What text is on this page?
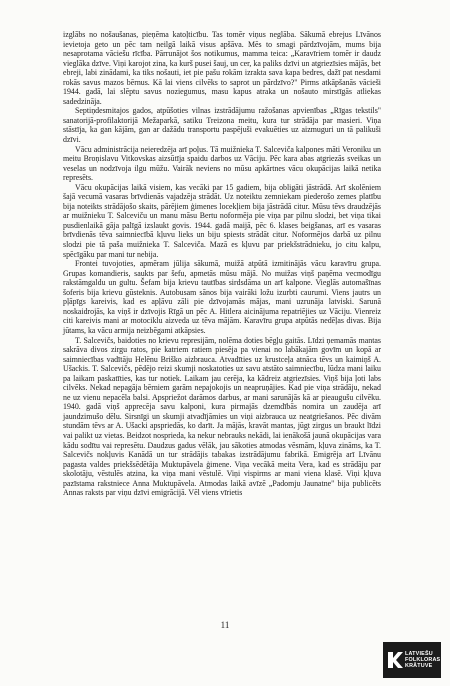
izglābs no nošaušanas, pieņēma katoļticību. Tas tomēr viņus neglāba. Sākumā ebrejus Līvānos ievietoja geto un pēc tam neilgā laikā visus apšāva. Mēs to smagi pārdzīvojām, mums bija nesaprotama vāciešu rīcība. Pārrunājot šos notikumus, mamma teica: „Karavīriem tomēr ir daudz vieglāka dzīve. Viņi karojot zina, ka kurš pusei šauj, un cer, ka paliks dzīvi un atgriezīsies mājās, bet ebreji, labi zinādami, ka tiks nošauti, iet pie pašu rokām izrakta sava kapa bedres, dažī pat nesdami rokās savus mazos bērnus. Kā lai viens cilvēks to saprot un pārdzīvo?" Pirms atkāpšanās vācieši 1944. gadā, lai slēptu savus noziegumus, masu kapus atraka un nošauto mirstīgās atliekas sadedzināja.

Septiņdesmitajos gados, atpūšoties vilnas izstrādājumu ražošanas apvienības „Rīgas tekstils" sanatorijā-profilaktorijā Mežaparkā, satiku Treizona meitu, kura tur strādāja par masieri. Viņa stāstīja, ka gan kājām, gan ar dažādu transportu paspējuši evakuēties uz aizmuguri un tā palikuši dzīvi.

Vācu administrācija neieredzēja arī poļus. Tā muižnieka T. Salceviča kalpones māti Veroniku un meitu Broņislavu Vitkovskas aizsūtīja spaidu darbos uz Vāciju. Pēc kara abas atgriezās sveikas un veselas un nodzīvoja ilgu mūžu. Vairāk neviens no mūsu apkārtnes vācu okupācijas laikā netika represēts.

Vācu okupācijas laikā visiem, kas vecāki par 15 gadiem, bija obligāti jāstrādā. Arī skolēniem šajā vecumā vasaras brīvdienās vajadzēja strādāt. Uz noteiktu zemniekam piederošo zemes platību bija noteikts strādājošo skaits, pārējiem ģimenes locekļiem bija jāstrādā citur. Mūsu tēvs draudzējās ar muižnieku T. Salceviču un manu māsu Bertu noformēja pie viņa par pilnu slodzi, bet viņa tikai pusdienlaikā gāja palīgā izslaukt govis. 1944. gadā maijā, pēc 6. klases beigšanas, arī es vasaras brīvdienās tēva saimniecībā kļuvu lieks un biju spiests strādāt citur. Noformējos darbā uz pilnu slodzi pie tā paša muižnieka T. Salceviča. Mazā es kļuvu par priekšstrādnieku, jo citu kalpu, spēcīgāku par mani tur nebija.

Frontei tuvojoties, apmēram jūlija sākumā, muižā atpūtā izmitinājās vācu karavīru grupa. Grupas komandieris, saukts par šefu, apmetās mūsu mājā. No muižas viņš paņēma vecmodīgu rakstāmgaldu un gultu. Šefam bija krievu tautības sirdsdāma un arī kalpone. Vieglās automašīnas šoferis bija krievu gūsteknis. Autobusam sānos bija vairāki ložu izurbti caurumi. Viens jautrs un pļāpīgs kareivis, kad es apļāvu zāli pie dzīvojamās mājas, mani uzrunāja latviski. Sarunā noskaidrojās, ka viņš ir dzīvojis Rīgā un pēc A. Hitlera aicinājuma repatriējies uz Vāciju. Vienreiz citi kareivis mani ar motociklu aizveda uz tēva mājām. Karavīru grupa atpūtās nedēļas divas. Bija jūtams, ka vācu armija neizbēgami atkāpsies.

T. Salcevičs, baidoties no krievu represijām, nolēma doties bēgļu gaitās. Līdzi ņemamās mantas sakrāva divos zirgu ratos, pie katriem ratiem piesēja pa vienai no labākajām govīm un kopā ar saimniecības vadītāju Helēnu Briško aizbrauca. Atvadīties uz krustceļa atnāca tēvs un kaimiņš A. Ušackis. T. Salcevičs, pēdējo reizi skumji noskatoties uz savu atstāto saimniecību, lūdza mani laiku pa laikam paskatīties, kas tur notiek. Laikam jau cerēja, ka kādreiz atgriezīsies. Viņš bija ļoti labs cilvēks. Nekad nepagāja bērniem garām nepajokojis un neapruņājies. Kad pie viņa strādāju, nekad ne uz vienu nepacēla balsi. Apspriežot darāmos darbus, ar mani sarunājās kā ar pieaugušu cilvēku. 1940. gadā viņš apprecēja savu kalponi, kura pirmajās dzemdībās nomira un zaudēja arī jaundzimušo dēlu. Sirsnīgi un skumji atvadījāmies un viņi aizbrauca uz neatgriešanos. Pēc divām stundām tēvs ar A. Ušacki apspriedās, ko darīt. Ja mājās, kravāt mantas, jūgt zirgus un braukt līdzi vai palikt uz vietas. Beidzot nospriedа, ka nekur nebrauks nekādi, lai ienākošā jaunā okupācijas vara kādu sodītu vai represētu. Daudzus gadus vēlāk, jau sākoties atmodas vēsmām, kļuva zināms, ka T. Salcevičs nokļuvis Kanādā un tur strādājis tabakas izstrādājumu fabrikā. Emigrēja arī Līvānu pagasta valdes priekšsēdētāja Muktupāvela ģimene. Viņa vecākā meita Vera, kad es strādāju par skolotāju, vēstulēs atzina, ka viņa mani vēstulē. Viņi vispirms ar mani viena klasē. Viņi kļuva pazīstama rakstniece Anna Muktupāvela. Atmodas laikā avīzē „Padomju Jaunatne" bija publicēts Annas raksts par viņu dzīvi emigrācijā. Vēl viens vīrietis

11
LATVIEŠU
FOLKLORAS
KRĀTUVE
